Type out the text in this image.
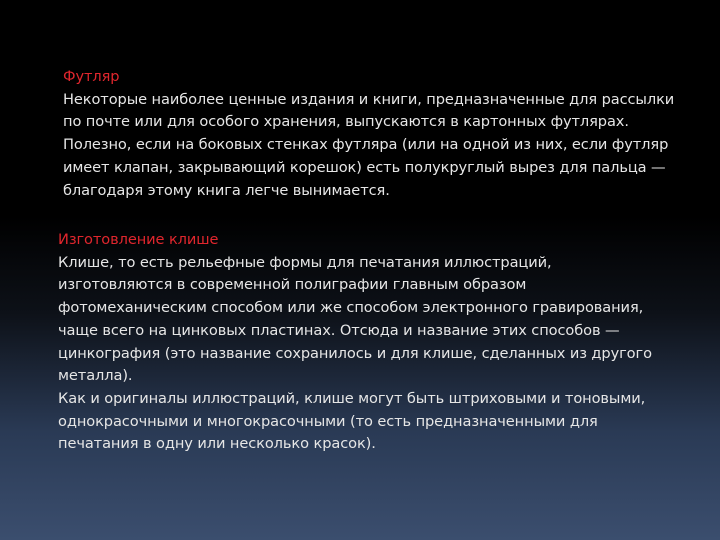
Футляр
Некоторые наиболее ценные издания и книги, предназначенные для рассылки
по почте или для особого хранения, выпускаются в картонных футлярах.
Полезно, если на боковых стенках футляра (или на одной из них, если футляр
имеет клапан, закрывающий корешок) есть полукруглый вырез для пальца —
благодаря этому книга легче вынимается.
Изготовление клише
Клише, то есть рельефные формы для печатания иллюстраций,
изготовляются в современной полиграфии главным образом
фотомеханическим способом или же способом электронного гравирования,
чаще всего на цинковых пластинах. Отсюда и название этих способов —
цинкография (это название сохранилось и для клише, сделанных из другого
металла).
Как и оригиналы иллюстраций, клише могут быть штриховыми и тоновыми,
однокрасочными и многокрасочными (то есть предназначенными для
печатания в одну или несколько красок).
